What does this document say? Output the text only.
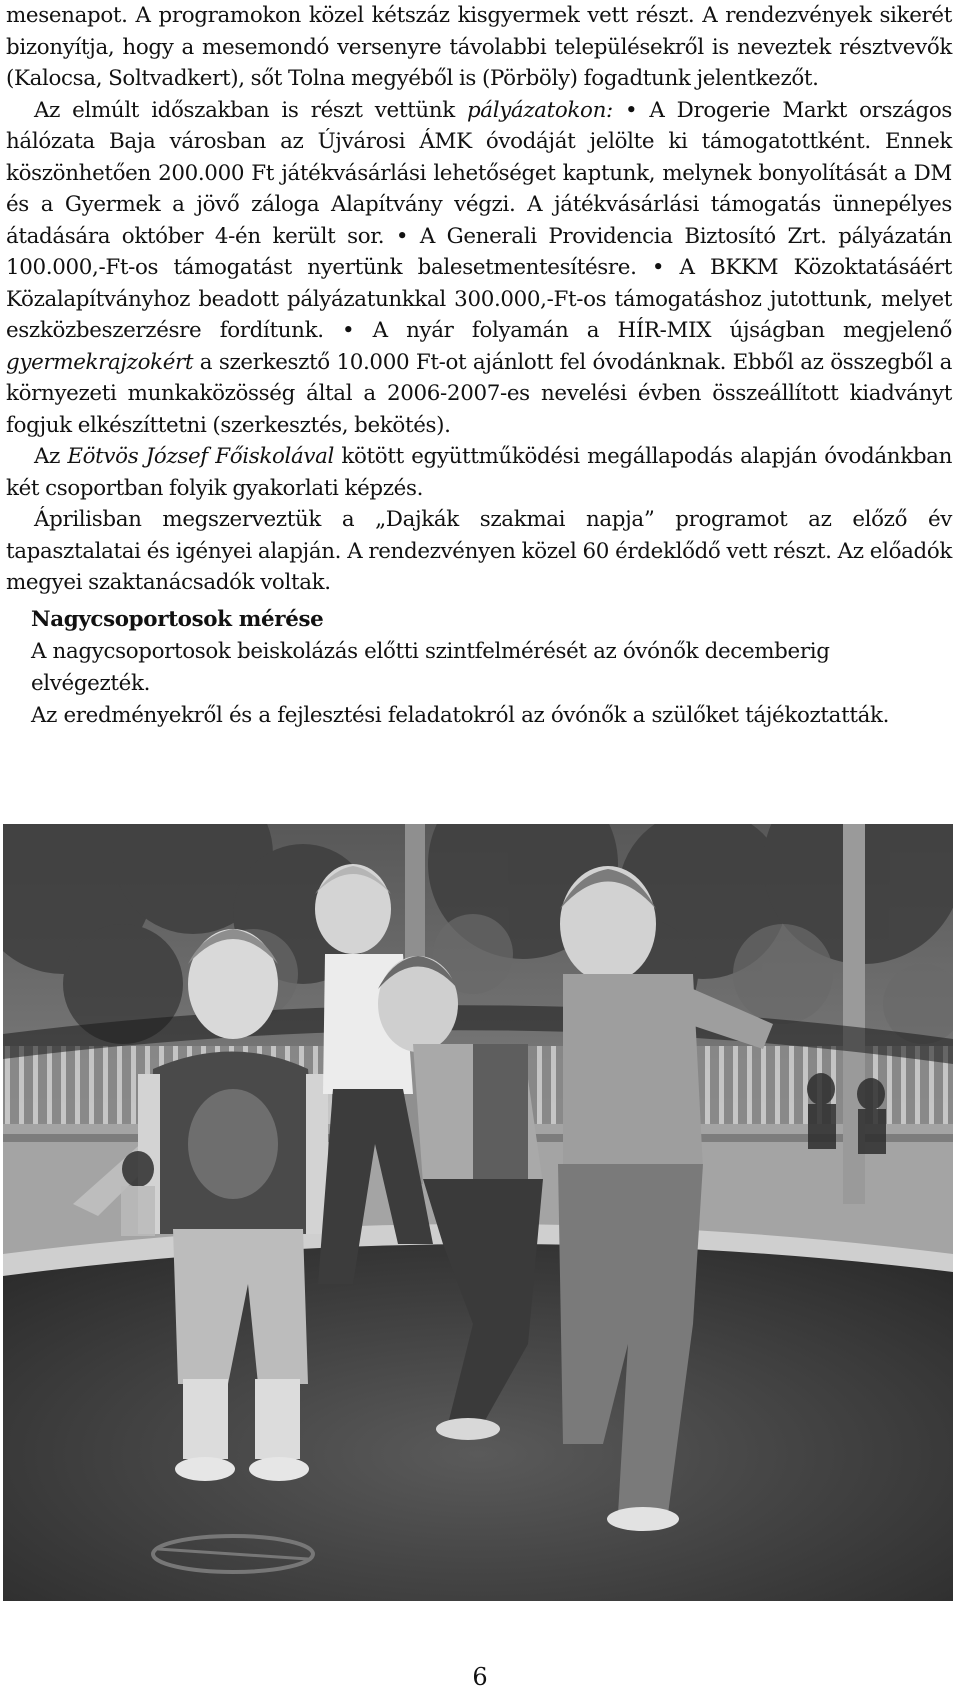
mesenapot. A programokon közel kétszáz kisgyermek vett részt. A rendezvények sikerét bizonyítja, hogy a mesemondó versenyre távolabbi településekről is neveztek résztvevők (Kalocsa, Soltvadkert), sőt Tolna megyéből is (Pörböly) fogadtunk jelentkezőt.

Az elmúlt időszakban is részt vettünk pályázatokon: • A Drogerie Markt országos hálózata Baja városban az Újvárosi ÁMK óvodáját jelölte ki támogatottként. Ennek köszönhetően 200.000 Ft játékvásárlási lehetőséget kaptunk, melynek bonyolítását a DM és a Gyermek a jövő záloga Alapítvány végzi. A játékvásárlási támogatás ünnepélyes átadására október 4-én került sor. • A Generali Providencia Biztosító Zrt. pályázatán 100.000,-Ft-os támogatást nyertünk balesetmentesítésre. • A BKKM Közoktatásáért Közalapítványhoz beadott pályázatunkkal 300.000,-Ft-os támogatáshoz jutottunk, melyet eszközbeszerzésre fordítunk. • A nyár folyamán a HÍR-MIX újságban megjelenő gyermekrajzokért a szerkesztő 10.000 Ft-ot ajánlott fel óvodánknak. Ebből az összegből a környezeti munkaközösség által a 2006-2007-es nevelési évben összeállított kiadványt fogjuk elkészíttetni (szerkesztés, bekötés).

Az Eötvös József Főiskolával kötött együttműködési megállapodás alapján óvodánkban két csoportban folyik gyakorlati képzés.

Áprilisban megszerveztük a „Dajkák szakmai napja” programot az előző év tapasztalatai és igényei alapján. A rendezvényen közel 60 érdeklődő vett részt. Az előadók megyei szaktanácsadók voltak.

Nagycsoportosok mérése

A nagycsoportosok beiskolázás előtti szintfelmérését az óvónők decemberig elvégezték.

Az eredményekről és a fejlesztési feladatokról az óvónők a szülőket tájékoztatták.

6
